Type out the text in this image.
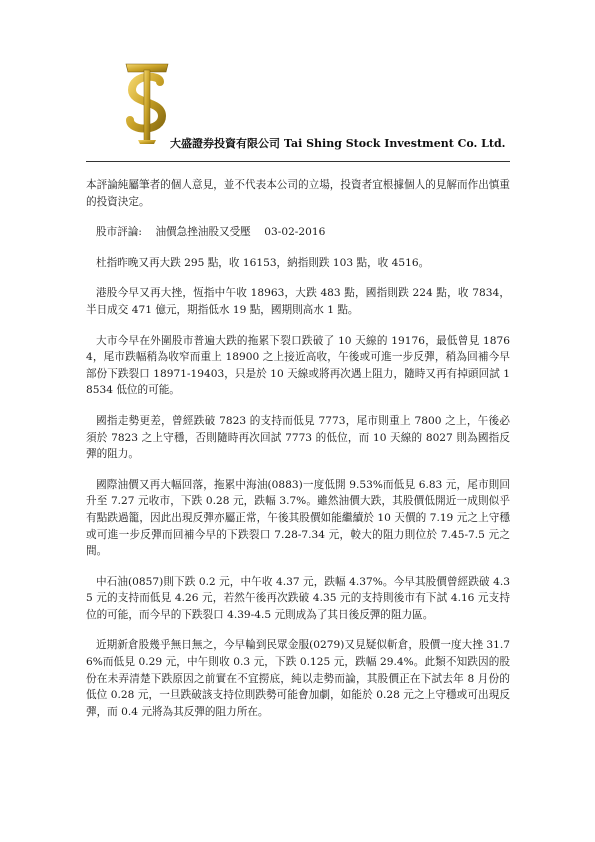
大盛證券投資有限公司 Tai Shing Stock Investment Co. Ltd.

本評論純屬筆者的個人意見，並不代表本公司的立場，投資者宜根據個人的見解而作出慎重的投資決定。

股市評論: 油價急挫油股又受壓 03-02-2016

杜指昨晚又再大跌 295 點，收 16153，納指則跌 103 點，收 4516。

港股今早又再大挫，恆指中午收 18963，大跌 483 點，國指則跌 224 點，收 7834，半日成交 471 億元，期指低水 19 點，國期則高水 1 點。

大市今早在外圍股市普遍大跌的拖累下裂口跌破了 10 天線的 19176，最低曾見 18764，尾市跌幅稍為收窄而重上 18900 之上接近高收，午後或可進一步反彈，稍為回補今早部份下跌裂口 18971-19403，只是於 10 天線或將再次遇上阻力，隨時又再有掉頭回試 18534 低位的可能。

國指走勢更差，曾經跌破 7823 的支持而低見 7773，尾市則重上 7800 之上，午後必須於 7823 之上守穩，否則隨時再次回試 7773 的低位，而 10 天線的 8027 則為國指反彈的阻力。

國際油價又再大幅回落，拖累中海油(0883)一度低開 9.53%而低見 6.83 元，尾市則回升至 7.27 元收市，下跌 0.28 元，跌幅 3.7%。雖然油價大跌，其股價低開近一成則似乎有點跌過籠，因此出現反彈亦屬正常，午後其股價如能繼續於 10 天價的 7.19 元之上守穩或可進一步反彈而回補今早的下跌裂口 7.28-7.34 元，較大的阻力則位於 7.45-7.5 元之間。

中石油(0857)則下跌 0.2 元，中午收 4.37 元，跌幅 4.37%。今早其股價曾經跌破 4.35 元的支持而低見 4.26 元，若然午後再次跌破 4.35 元的支持則後市有下試 4.16 元支持位的可能，而今早的下跌裂口 4.39-4.5 元則成為了其日後反彈的阻力區。

近期新倉股幾乎無日無之，今早輪到民眾金服(0279)又見疑似斬倉，股價一度大挫 31.76%而低見 0.29 元，中午則收 0.3 元，下跌 0.125 元，跌幅 29.4%。此類不知跌因的股份在未弄清楚下跌原因之前實在不宜撈底，純以走勢而論，其股價正在下試去年 8 月份的低位 0.28 元，一旦跌破該支持位則跌勢可能會加劇，如能於 0.28 元之上守穩或可出現反彈，而 0.4 元將為其反彈的阻力所在。
